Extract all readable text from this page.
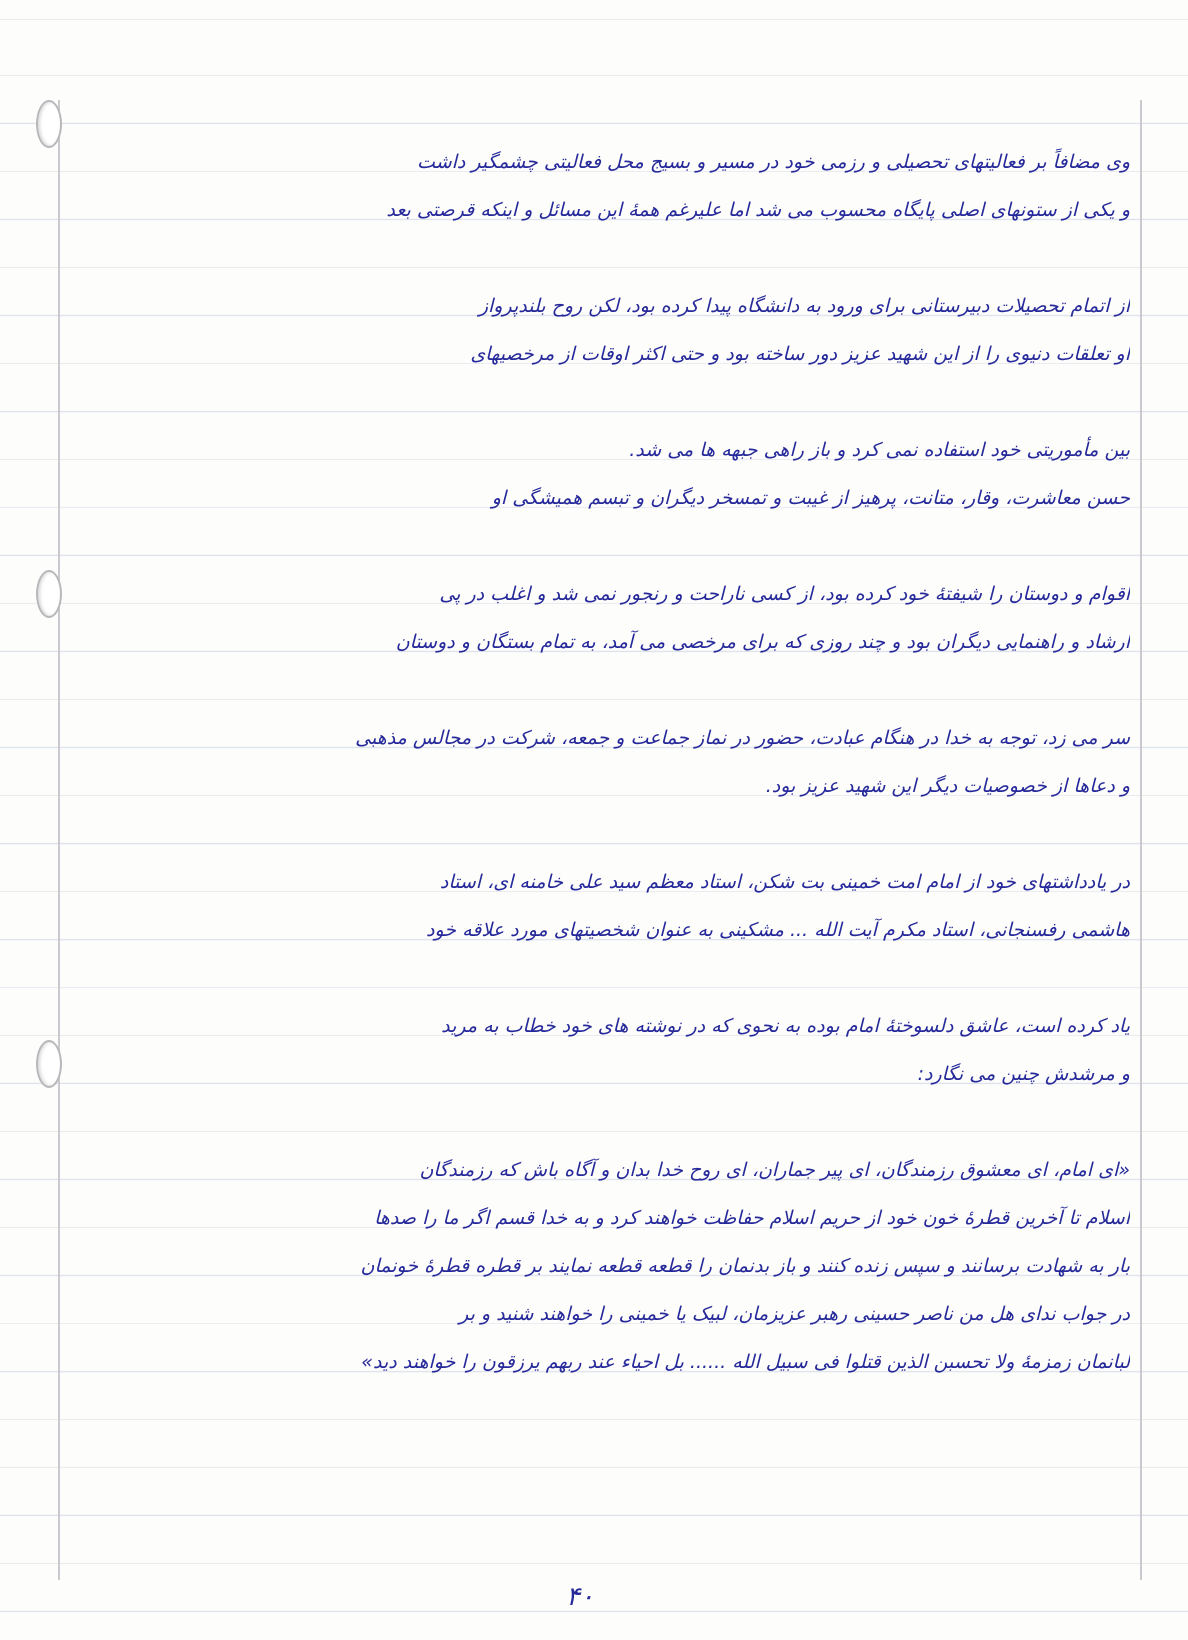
وی مضافاً بر فعالیتهای تحصیلی و رزمی خود در مسیر و بسیج محل فعالیتی چشمگیر داشت
و یکی از ستونهای اصلی پایگاه محسوب می شد اما علیرغم همهٔ این مسائل و اینکه قرصتی بعد
از اتمام تحصیلات دبیرستانی برای ورود به دانشگاه پیدا کرده بود، لکن روح بلندپرواز
او تعلقات دنیوی را از این شهید عزیز دور ساخته بود و حتی اکثر اوقات از مرخصیهای
بین مأموریتی خود استفاده نمی کرد و باز راهی جبهه ها می شد.
حسن معاشرت، وقار، متانت، پرهیز از غیبت و تمسخر دیگران و تبسم همیشگی او
اقوام و دوستان را شیفتهٔ خود کرده بود، از کسی ناراحت و رنجور نمی شد و اغلب در پی
ارشاد و راهنمایی دیگران بود و چند روزی که برای مرخصی می آمد، به تمام بستگان و دوستان
سر می زد، توجه به خدا در هنگام عبادت، حضور در نماز جماعت و جمعه، شرکت در مجالس مذهبی
و دعاها از خصوصیات دیگر این شهید عزیز بود.
در یادداشتهای خود از امام امت خمینی بت شکن، استاد معظم سید علی خامنه ای، استاد
هاشمی رفسنجانی، استاد مکرم آیت الله ... مشکینی به عنوان شخصیتهای مورد علاقه خود
یاد کرده است، عاشق دلسوختهٔ امام بوده به نحوی که در نوشته های خود خطاب به مرید
و مرشدش چنین می نگارد:
«ای امام، ای معشوق رزمندگان، ای پیر جماران، ای روح خدا بدان و آگاه باش که رزمندگان
اسلام تا آخرین قطرهٔ خون خود از حریم اسلام حفاظت خواهند کرد و به خدا قسم اگر ما را صدها
بار به شهادت برسانند و سپس زنده کنند و باز بدنمان را قطعه قطعه نمایند بر قطره قطرهٔ خونمان
در جواب ندای هل من ناصر حسینی رهبر عزیزمان، لبیک یا خمینی را خواهند شنید و بر
لبانمان زمزمهٔ ولا تحسبن الذین قتلوا فی سبیل الله ...... بل احیاء عند ربهم یرزقون را خواهند دید»
۴۰
